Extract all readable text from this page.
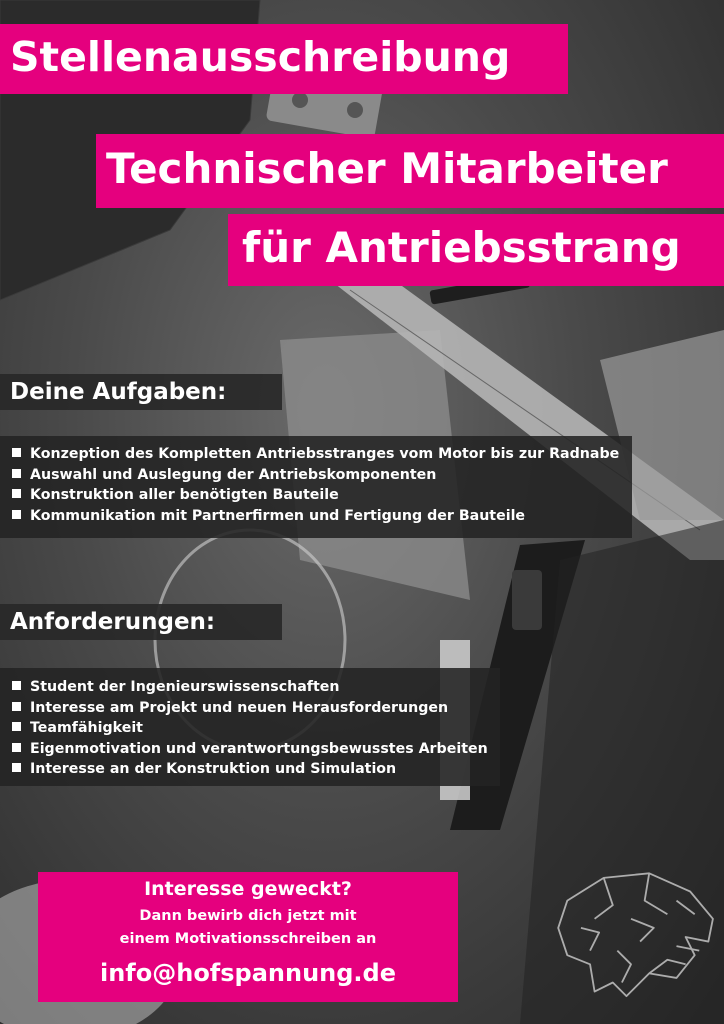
Stellenausschreibung
Technischer Mitarbeiter
für Antriebsstrang
Deine Aufgaben:
Konzeption des Kompletten Antriebsstranges vom Motor bis zur Radnabe
Auswahl und Auslegung der Antriebskomponenten
Konstruktion aller benötigten Bauteile
Kommunikation mit Partnerfirmen und Fertigung der Bauteile
Anforderungen:
Student der Ingenieurswissenschaften
Interesse am Projekt und neuen Herausforderungen
Teamfähigkeit
Eigenmotivation und verantwortungsbewusstes Arbeiten
Interesse an der Konstruktion und Simulation
Interesse geweckt?
Dann bewirb dich jetzt mit
einem Motivationsschreiben an
info@hofspannung.de
